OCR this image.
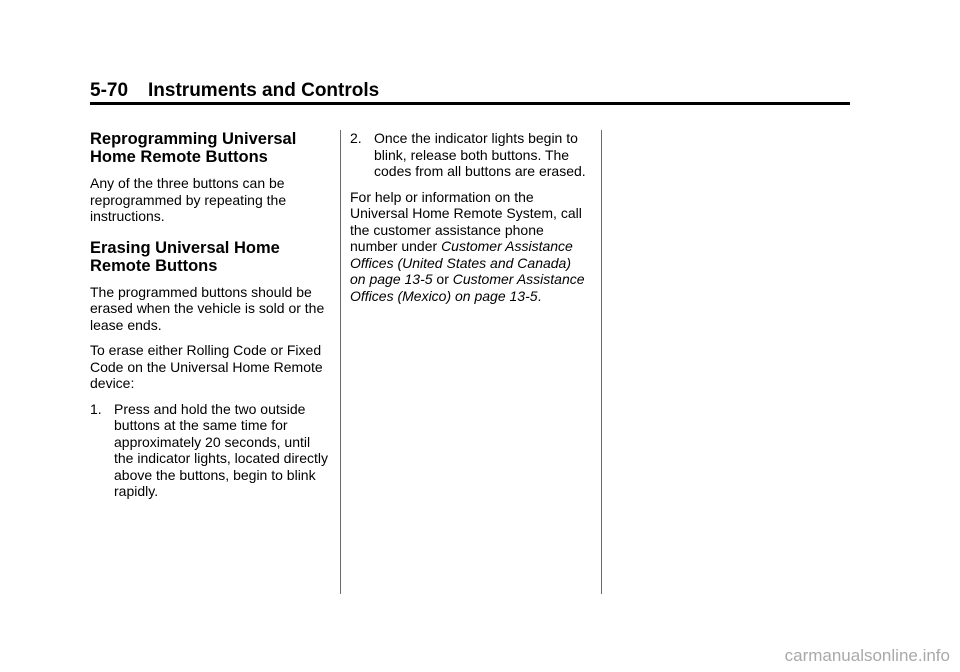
5-70 Instruments and Controls
Reprogramming Universal Home Remote Buttons

Any of the three buttons can be reprogrammed by repeating the instructions.

Erasing Universal Home Remote Buttons

The programmed buttons should be erased when the vehicle is sold or the lease ends.

To erase either Rolling Code or Fixed Code on the Universal Home Remote device:

1. Press and hold the two outside buttons at the same time for approximately 20 seconds, until the indicator lights, located directly above the buttons, begin to blink rapidly.
2. Once the indicator lights begin to blink, release both buttons. The codes from all buttons are erased.

For help or information on the Universal Home Remote System, call the customer assistance phone number under Customer Assistance Offices (United States and Canada) on page 13-5 or Customer Assistance Offices (Mexico) on page 13-5.

carmanualsonline.info
